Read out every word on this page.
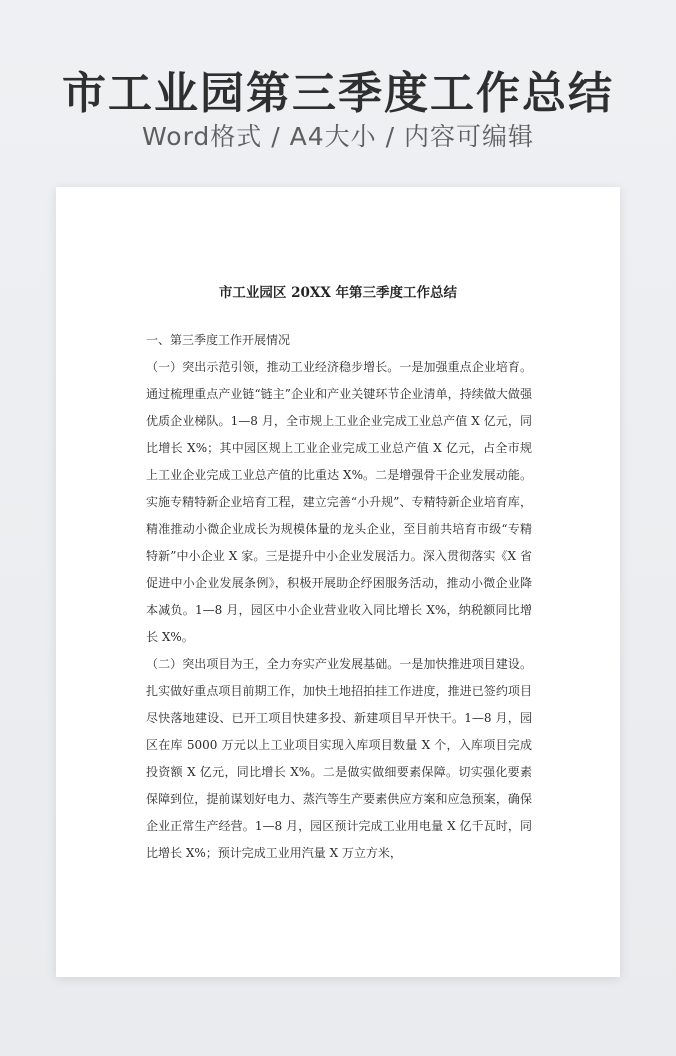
市工业园第三季度工作总结
Word格式 / A4大小 / 内容可编辑
市工业园区 20XX 年第三季度工作总结

一、第三季度工作开展情况

（一）突出示范引领，推动工业经济稳步增长。一是加强重点企业培育。通过梳理重点产业链“链主”企业和产业关键环节企业清单，持续做大做强优质企业梯队。1—8 月，全市规上工业企业完成工业总产值 X 亿元，同比增长 X%；其中园区规上工业企业完成工业总产值 X 亿元，占全市规上工业企业完成工业总产值的比重达 X%。二是增强骨干企业发展动能。实施专精特新企业培育工程，建立完善“小升规”、专精特新企业培育库，精准推动小微企业成长为规模体量的龙头企业，至目前共培育市级“专精特新”中小企业 X 家。三是提升中小企业发展活力。深入贯彻落实《X 省促进中小企业发展条例》，积极开展助企纾困服务活动，推动小微企业降本减负。1—8 月，园区中小企业营业收入同比增长 X%，纳税额同比增长 X%。

（二）突出项目为王，全力夯实产业发展基础。一是加快推进项目建设。扎实做好重点项目前期工作，加快土地招拍挂工作进度，推进已签约项目尽快落地建设、已开工项目快建多投、新建项目早开快干。1—8 月，园区在库 5000 万元以上工业项目实现入库项目数量 X 个，入库项目完成投资额 X 亿元，同比增长 X%。二是做实做细要素保障。切实强化要素保障到位，提前谋划好电力、蒸汽等生产要素供应方案和应急预案，确保企业正常生产经营。1—8 月，园区预计完成工业用电量 X 亿千瓦时，同比增长 X%；预计完成工业用汽量 X 万立方米，
